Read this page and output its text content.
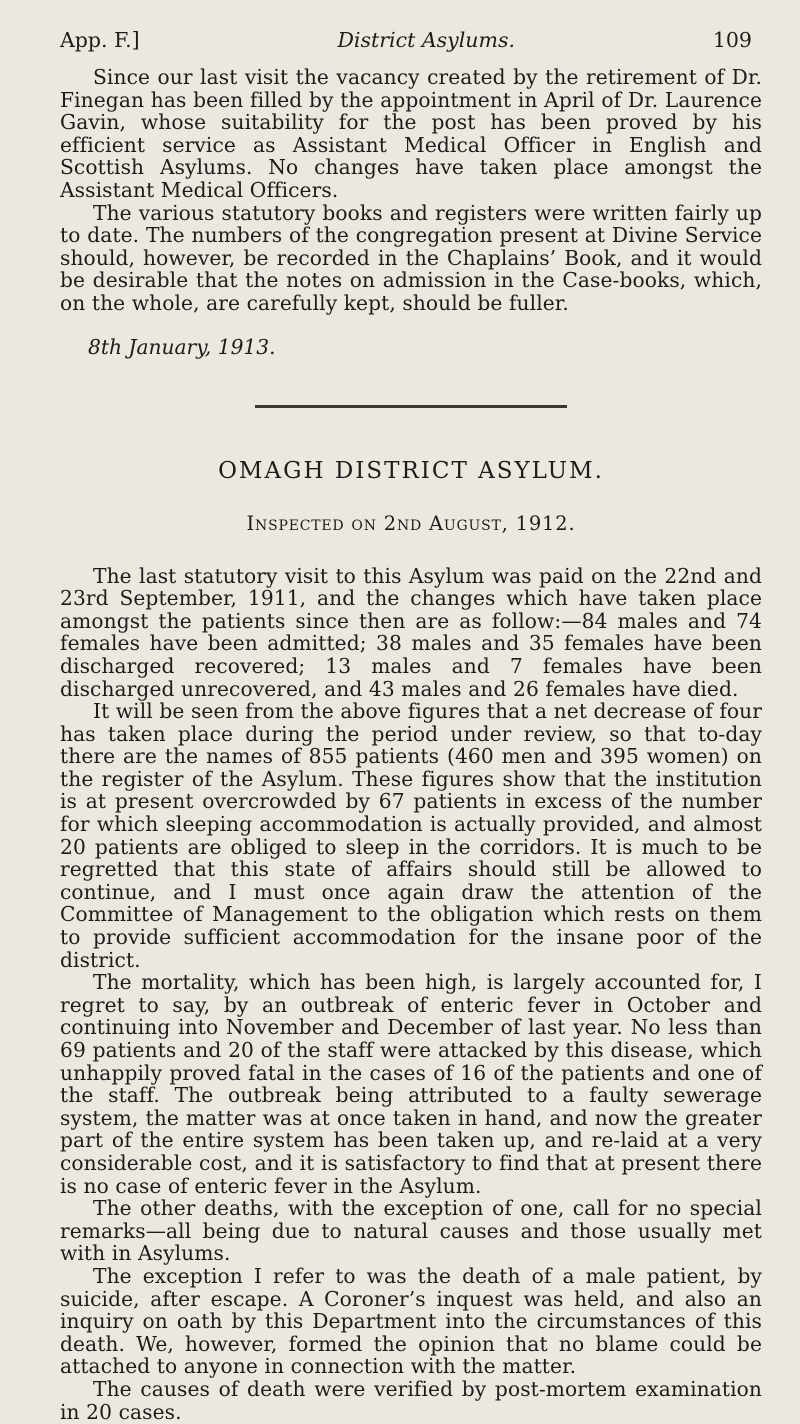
App. F.]	District Asylums.	109

Since our last visit the vacancy created by the retirement of Dr. Finegan has been filled by the appointment in April of Dr. Laurence Gavin, whose suitability for the post has been proved by his efficient service as Assistant Medical Officer in English and Scottish Asylums. No changes have taken place amongst the Assistant Medical Officers.

The various statutory books and registers were written fairly up to date. The numbers of the congregation present at Divine Service should, however, be recorded in the Chaplains’ Book, and it would be desirable that the notes on admission in the Case-books, which, on the whole, are carefully kept, should be fuller.

8th January, 1913.
OMAGH DISTRICT ASYLUM.
Inspected on 2nd August, 1912.

The last statutory visit to this Asylum was paid on the 22nd and 23rd September, 1911, and the changes which have taken place amongst the patients since then are as follow:—84 males and 74 females have been admitted; 38 males and 35 females have been discharged recovered; 13 males and 7 females have been discharged unrecovered, and 43 males and 26 females have died.

It will be seen from the above figures that a net decrease of four has taken place during the period under review, so that to-day there are the names of 855 patients (460 men and 395 women) on the register of the Asylum. These figures show that the institution is at present overcrowded by 67 patients in excess of the number for which sleeping accommodation is actually provided, and almost 20 patients are obliged to sleep in the corridors. It is much to be regretted that this state of affairs should still be allowed to continue, and I must once again draw the attention of the Committee of Management to the obligation which rests on them to provide sufficient accommodation for the insane poor of the district.

The mortality, which has been high, is largely accounted for, I regret to say, by an outbreak of enteric fever in October and continuing into November and December of last year. No less than 69 patients and 20 of the staff were attacked by this disease, which unhappily proved fatal in the cases of 16 of the patients and one of the staff. The outbreak being attributed to a faulty sewerage system, the matter was at once taken in hand, and now the greater part of the entire system has been taken up, and re-laid at a very considerable cost, and it is satisfactory to find that at present there is no case of enteric fever in the Asylum.

The other deaths, with the exception of one, call for no special remarks—all being due to natural causes and those usually met with in Asylums.

The exception I refer to was the death of a male patient, by suicide, after escape. A Coroner’s inquest was held, and also an inquiry on oath by this Department into the circumstances of this death. We, however, formed the opinion that no blame could be attached to anyone in connection with the matter.

The causes of death were verified by post-mortem examination in 20 cases.
